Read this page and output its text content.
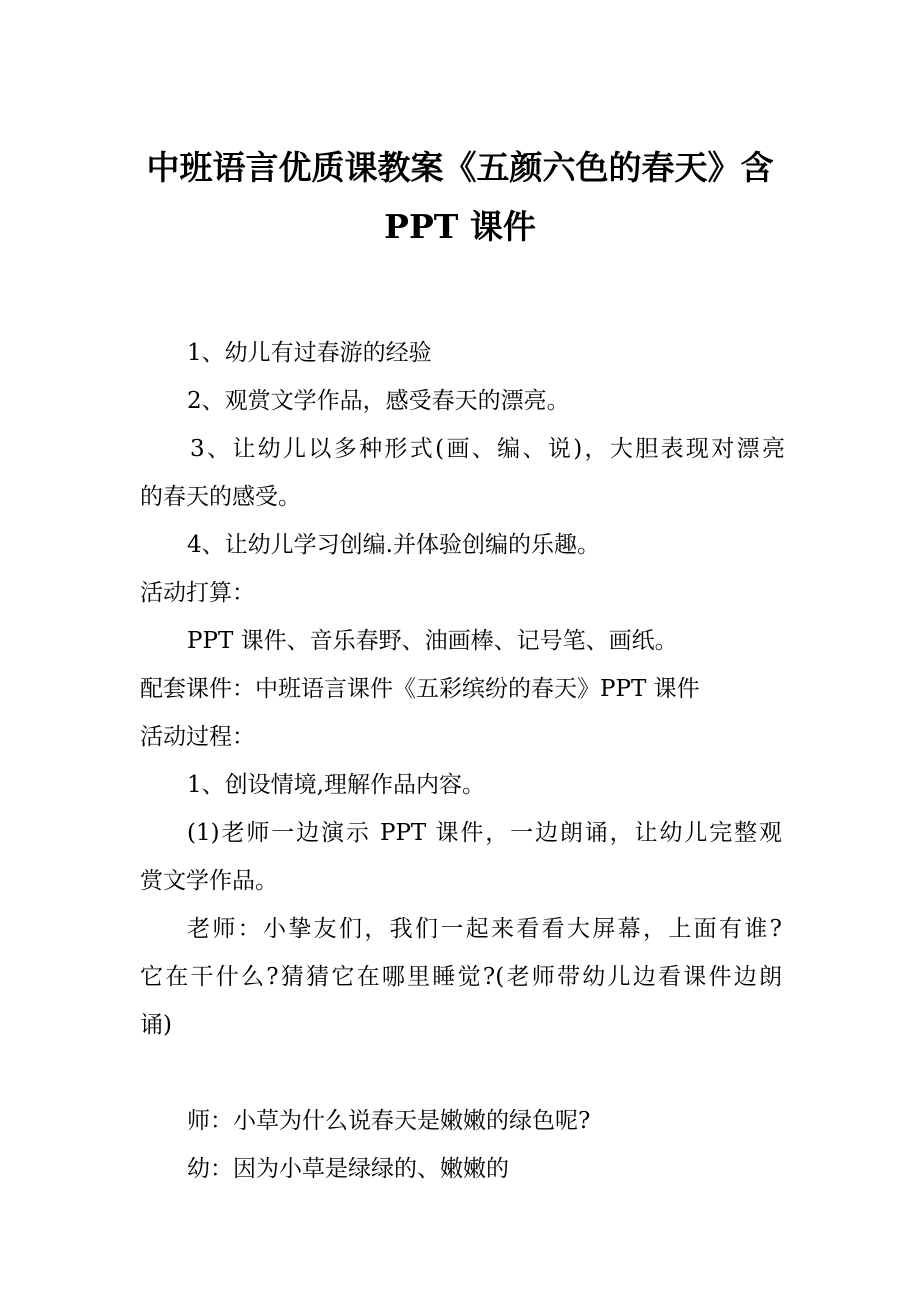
中班语言优质课教案《五颜六色的春天》含
PPT 课件
1、幼儿有过春游的经验
2、观赏文学作品，感受春天的漂亮。
3、让幼儿以多种形式(画、编、说)，大胆表现对漂亮
的春天的感受。
4、让幼儿学习创编.并体验创编的乐趣。
活动打算：
PPT 课件、音乐春野、油画棒、记号笔、画纸。
配套课件：中班语言课件《五彩缤纷的春天》PPT 课件
活动过程：
1、创设情境,理解作品内容。
(1)老师一边演示 PPT 课件，一边朗诵，让幼儿完整观
赏文学作品。
老师：小挚友们，我们一起来看看大屏幕，上面有谁?
它在干什么?猜猜它在哪里睡觉?(老师带幼儿边看课件边朗
诵)
师：小草为什么说春天是嫩嫩的绿色呢?
幼：因为小草是绿绿的、嫩嫩的
